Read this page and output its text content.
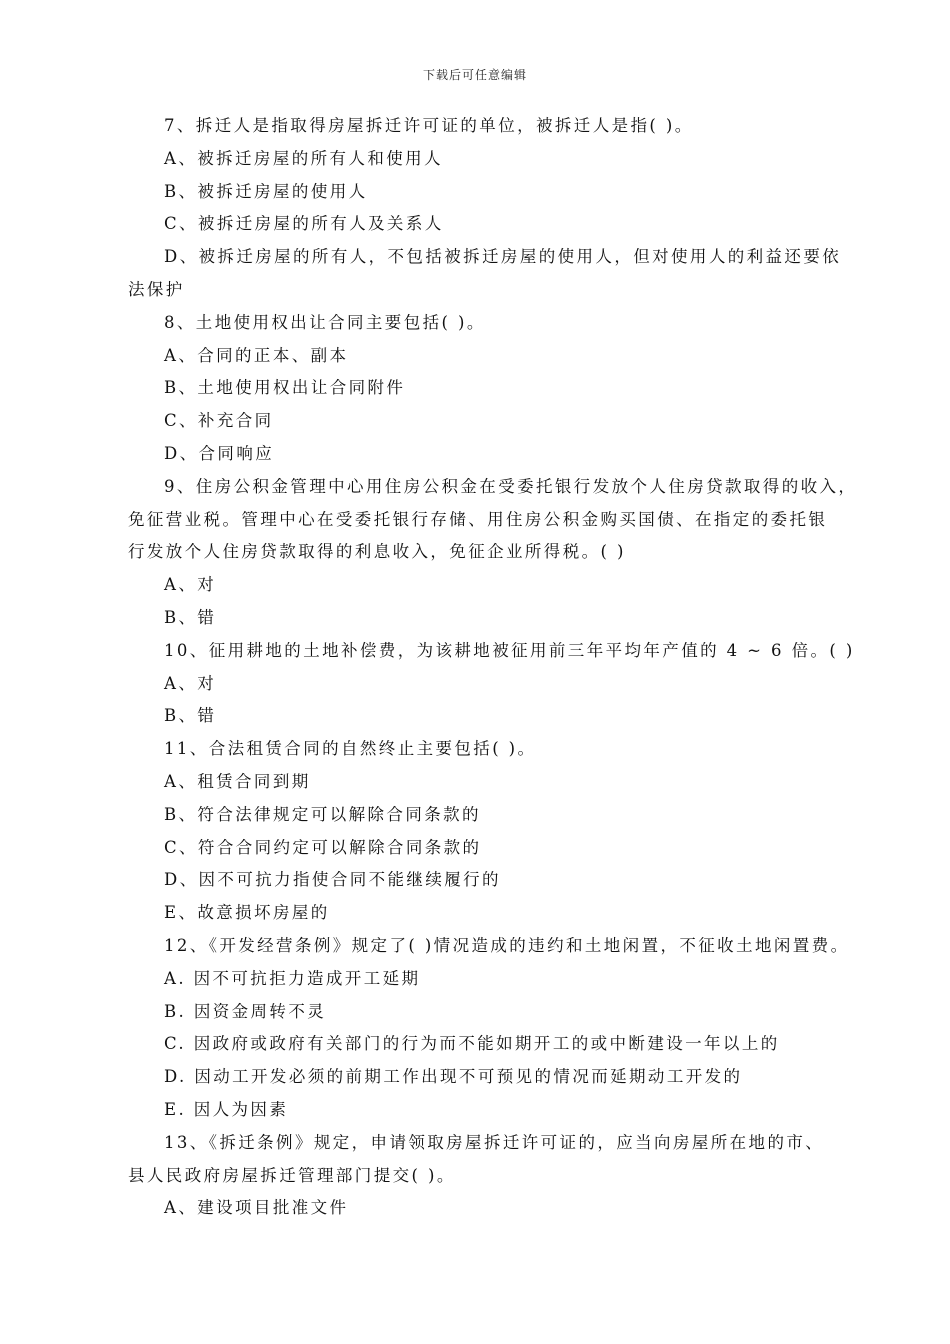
下载后可任意编辑
7、拆迁人是指取得房屋拆迁许可证的单位，被拆迁人是指( )。
A、被拆迁房屋的所有人和使用人
B、被拆迁房屋的使用人
C、被拆迁房屋的所有人及关系人
D、被拆迁房屋的所有人，不包括被拆迁房屋的使用人，但对使用人的利益还要依
法保护
8、土地使用权出让合同主要包括( )。
A、合同的正本、副本
B、土地使用权出让合同附件
C、补充合同
D、合同响应
9、住房公积金管理中心用住房公积金在受委托银行发放个人住房贷款取得的收入，
免征营业税。管理中心在受委托银行存储、用住房公积金购买国债、在指定的委托银
行发放个人住房贷款取得的利息收入，免征企业所得税。( )
A、对
B、错
10、征用耕地的土地补偿费，为该耕地被征用前三年平均年产值的 4 ~ 6 倍。( )
A、对
B、错
11、合法租赁合同的自然终止主要包括( )。
A、租赁合同到期
B、符合法律规定可以解除合同条款的
C、符合合同约定可以解除合同条款的
D、因不可抗力指使合同不能继续履行的
E、故意损坏房屋的
12、《开发经营条例》规定了( )情况造成的违约和土地闲置，不征收土地闲置费。
A. 因不可抗拒力造成开工延期
B. 因资金周转不灵
C. 因政府或政府有关部门的行为而不能如期开工的或中断建设一年以上的
D. 因动工开发必须的前期工作出现不可预见的情况而延期动工开发的
E. 因人为因素
13、《拆迁条例》规定，申请领取房屋拆迁许可证的，应当向房屋所在地的市、
县人民政府房屋拆迁管理部门提交( )。
A、建设项目批准文件
